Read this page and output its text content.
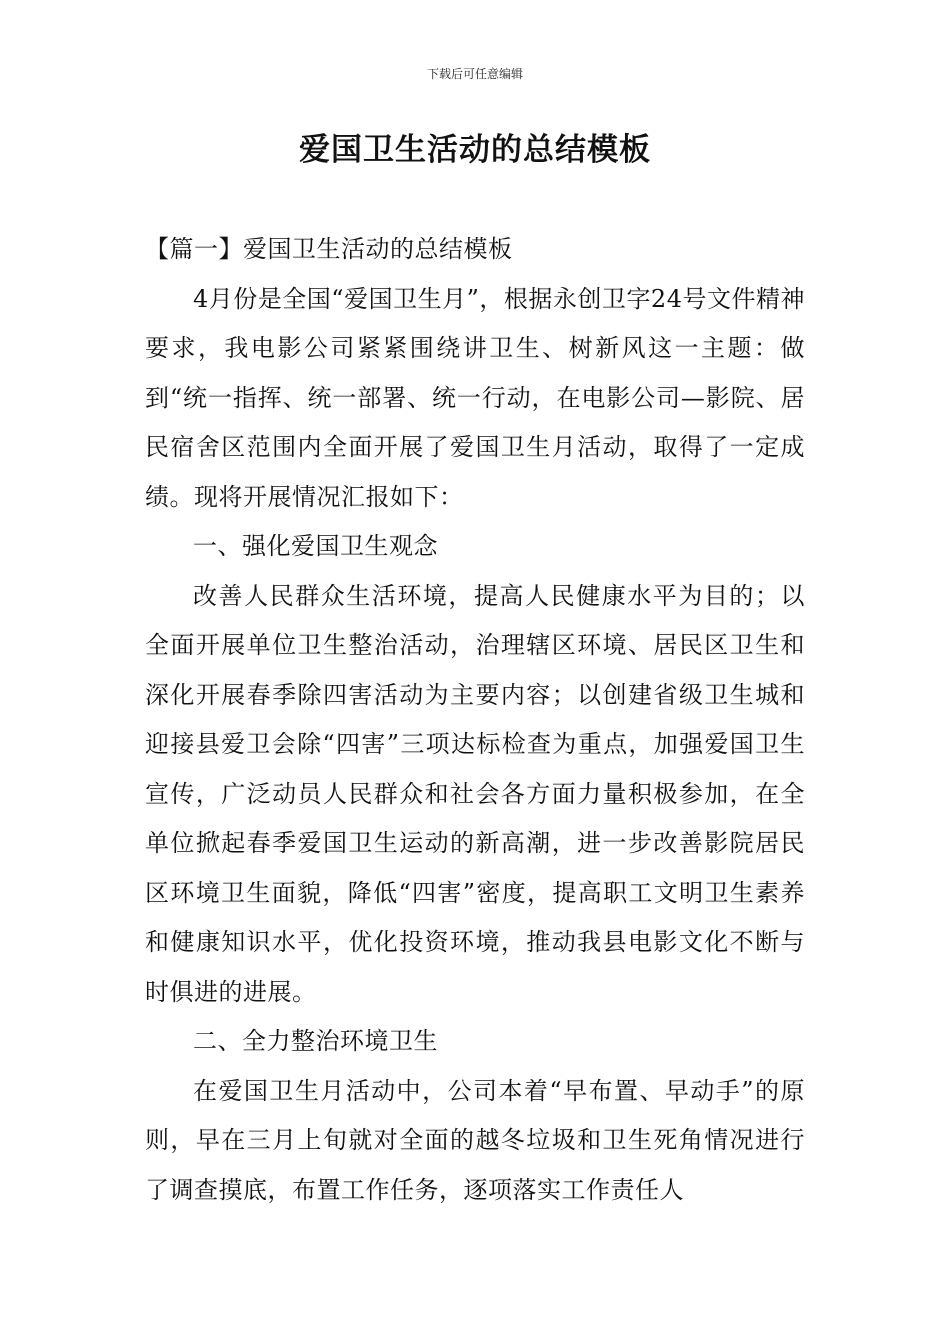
下载后可任意编辑
爱国卫生活动的总结模板

【篇一】爱国卫生活动的总结模板

4月份是全国“爱国卫生月”，根据永创卫字24号文件精神要求，我电影公司紧紧围绕讲卫生、树新风这一主题：做到“统一指挥、统一部署、统一行动，在电影公司—影院、居民宿舍区范围内全面开展了爱国卫生月活动，取得了一定成绩。现将开展情况汇报如下：

一、强化爱国卫生观念

改善人民群众生活环境，提高人民健康水平为目的；以全面开展单位卫生整治活动，治理辖区环境、居民区卫生和深化开展春季除四害活动为主要内容；以创建省级卫生城和迎接县爱卫会除“四害”三项达标检查为重点，加强爱国卫生宣传，广泛动员人民群众和社会各方面力量积极参加，在全单位掀起春季爱国卫生运动的新高潮，进一步改善影院居民区环境卫生面貌，降低“四害”密度，提高职工文明卫生素养和健康知识水平，优化投资环境，推动我县电影文化不断与时俱进的进展。

二、全力整治环境卫生

在爱国卫生月活动中，公司本着“早布置、早动手”的原则，早在三月上旬就对全面的越冬垃圾和卫生死角情况进行了调查摸底，布置工作任务，逐项落实工作责任人
